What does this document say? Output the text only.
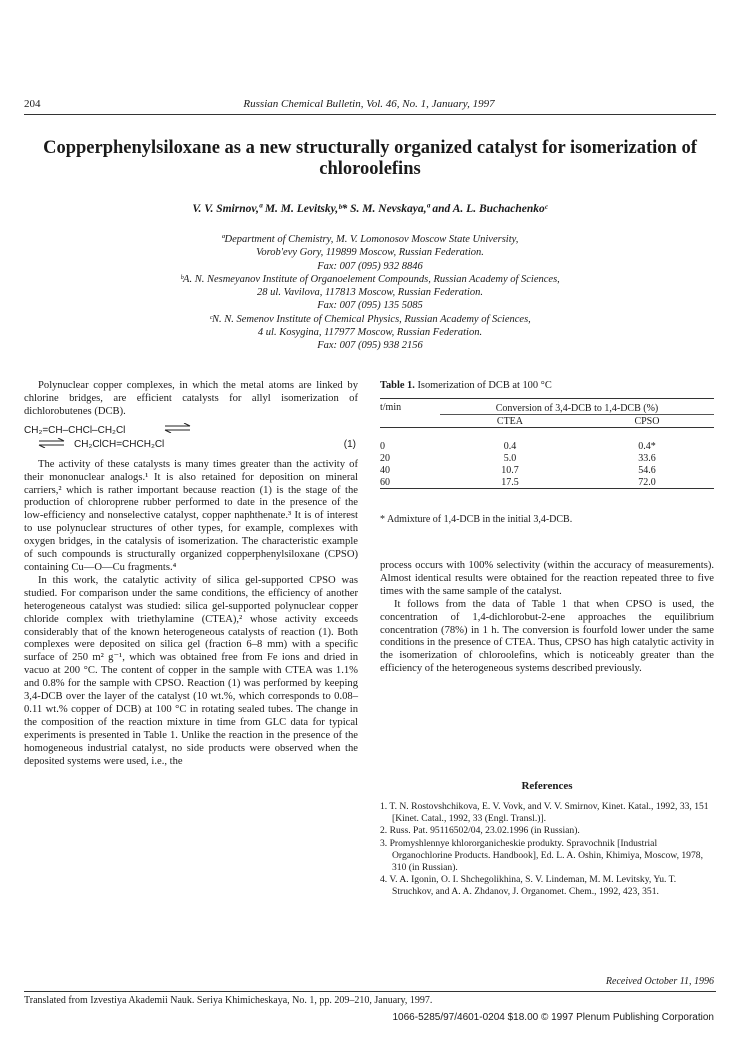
204	Russian Chemical Bulletin, Vol. 46, No. 1, January, 1997
Copperphenylsiloxane as a new structurally organized catalyst for isomerization of chloroolefins
V. V. Smirnov,ª M. M. Levitsky,ᵇ* S. M. Nevskaya,ª and A. L. Buchachenkoᶜ
ªDepartment of Chemistry, M. V. Lomonosov Moscow State University,
Vorob'evy Gory, 119899 Moscow, Russian Federation.
Fax: 007 (095) 932 8846
ᵇA. N. Nesmeyanov Institute of Organoelement Compounds, Russian Academy of Sciences,
28 ul. Vavilova, 117813 Moscow, Russian Federation.
Fax: 007 (095) 135 5085
ᶜN. N. Semenov Institute of Chemical Physics, Russian Academy of Sciences,
4 ul. Kosygina, 117977 Moscow, Russian Federation.
Fax: 007 (095) 938 2156

Polynuclear copper complexes, in which the metal atoms are linked by chlorine bridges, are efficient catalysts for allyl isomerization of dichlorobutenes (DCB).

CH₂=CH–CHCl–CH₂Cl
⇌ CH₂ClCH=CHCH₂Cl	(1)

The activity of these catalysts is many times greater than the activity of their mononuclear analogs.¹ It is also retained for deposition on mineral carriers,² which is rather important because reaction (1) is the stage of the production of chloroprene rubber performed to date in the presence of the low-efficiency and nonselective catalyst, copper naphthenate.³ It is of interest to use polynuclear structures of other types, for example, complexes with oxygen bridges, in the catalysis of isomerization. The characteristic example of such compounds is structurally organized copperphenylsiloxane (CPSO) containing Cu—O—Cu fragments.⁴

In this work, the catalytic activity of silica gel-supported CPSO was studied. For comparison under the same conditions, the efficiency of another heterogeneous catalyst was studied: silica gel-supported polynuclear copper chloride complex with triethylamine (CTEA),² whose activity exceeds considerably that of the known heterogeneous catalysts of reaction (1). Both complexes were deposited on silica gel (fraction 6–8 mm) with a specific surface of 250 m² g⁻¹, which was obtained free from Fe ions and dried in vacuo at 200 °C. The content of copper in the sample with CTEA was 1.1% and 0.8% for the sample with CPSO. Reaction (1) was performed by keeping 3,4-DCB over the layer of the catalyst (10 wt.%, which corresponds to 0.08–0.11 wt.% copper of DCB) at 100 °C in rotating sealed tubes. The change in the composition of the reaction mixture in time from GLC data for typical experiments is presented in Table 1. Unlike the reaction in the presence of the homogeneous industrial catalyst, no side products were observed when the deposited systems were used, i.e., the

Table 1. Isomerization of DCB at 100 °C
t/min	Conversion of 3,4-DCB to 1,4-DCB (%)	
	CTEA	CPSO

0	0.4	0.4*
20	5.0	33.6
40	10.7	54.6
60	17.5	72.0
* Admixture of 1,4-DCB in the initial 3,4-DCB.

process occurs with 100% selectivity (within the accuracy of measurements). Almost identical results were obtained for the reaction repeated three to five times with the same sample of the catalyst.

It follows from the data of Table 1 that when CPSO is used, the concentration of 1,4-dichlorobut-2-ene approaches the equilibrium concentration (78%) in 1 h. The conversion is fourfold lower under the same conditions in the presence of CTEA. Thus, CPSO has high catalytic activity in the isomerization of chloroolefins, which is noticeably greater than the efficiency of the heterogeneous systems described previously.

References
1. T. N. Rostovshchikova, E. V. Vovk, and V. V. Smirnov, Kinet. Katal., 1992, 33, 151 [Kinet. Catal., 1992, 33 (Engl. Transl.)].
2. Russ. Pat. 95116502/04, 23.02.1996 (in Russian).
3. Promyshlennye khlororganicheskie produkty. Spravochnik [Industrial Organochlorine Products. Handbook], Ed. L. A. Oshin, Khimiya, Moscow, 1978, 310 (in Russian).
4. V. A. Igonin, O. I. Shchegolikhina, S. V. Lindeman, M. M. Levitsky, Yu. T. Struchkov, and A. A. Zhdanov, J. Organomet. Chem., 1992, 423, 351.
Received October 11, 1996
Translated from Izvestiya Akademii Nauk. Seriya Khimicheskaya, No. 1, pp. 209–210, January, 1997.
1066-5285/97/4601-0204 $18.00 © 1997 Plenum Publishing Corporation
